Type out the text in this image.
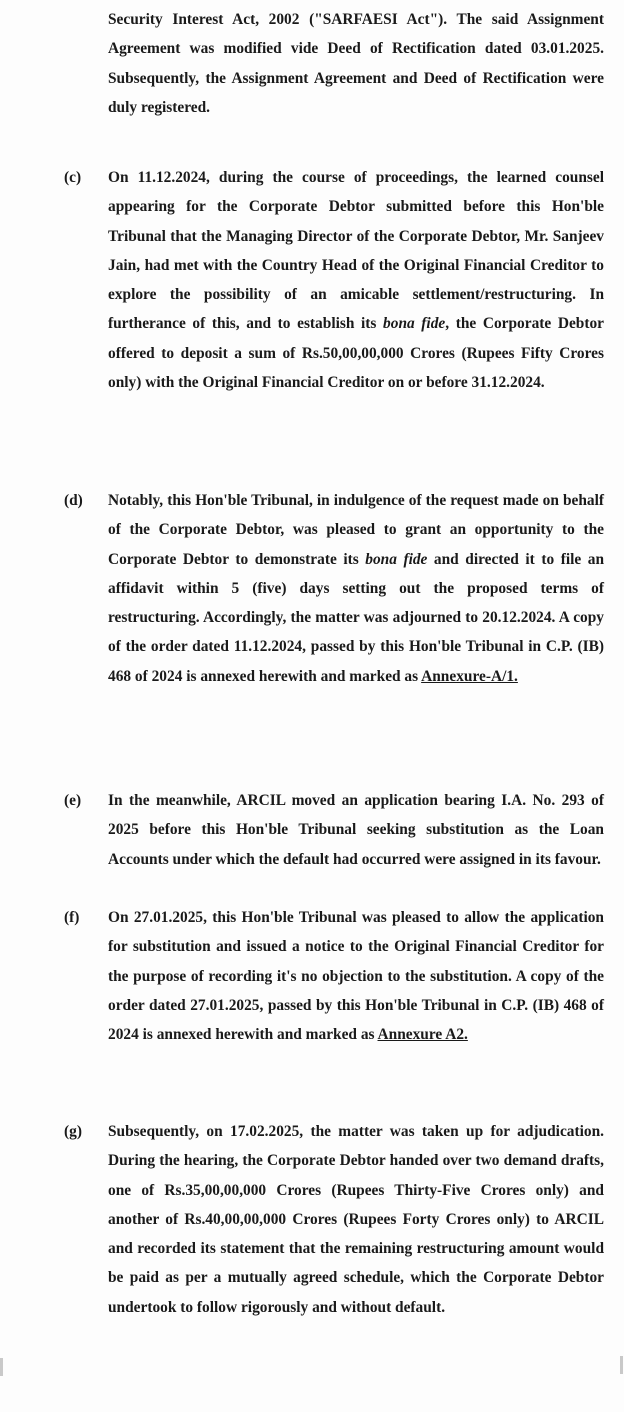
Security Interest Act, 2002 ("SARFAESI Act"). The said Assignment Agreement was modified vide Deed of Rectification dated 03.01.2025. Subsequently, the Assignment Agreement and Deed of Rectification were duly registered.

(c) On 11.12.2024, during the course of proceedings, the learned counsel appearing for the Corporate Debtor submitted before this Hon'ble Tribunal that the Managing Director of the Corporate Debtor, Mr. Sanjeev Jain, had met with the Country Head of the Original Financial Creditor to explore the possibility of an amicable settlement/restructuring. In furtherance of this, and to establish its bona fide, the Corporate Debtor offered to deposit a sum of Rs.50,00,00,000 Crores (Rupees Fifty Crores only) with the Original Financial Creditor on or before 31.12.2024.

(d) Notably, this Hon'ble Tribunal, in indulgence of the request made on behalf of the Corporate Debtor, was pleased to grant an opportunity to the Corporate Debtor to demonstrate its bona fide and directed it to file an affidavit within 5 (five) days setting out the proposed terms of restructuring. Accordingly, the matter was adjourned to 20.12.2024. A copy of the order dated 11.12.2024, passed by this Hon'ble Tribunal in C.P. (IB) 468 of 2024 is annexed herewith and marked as Annexure-A/1.

(e) In the meanwhile, ARCIL moved an application bearing I.A. No. 293 of 2025 before this Hon'ble Tribunal seeking substitution as the Loan Accounts under which the default had occurred were assigned in its favour.

(f) On 27.01.2025, this Hon'ble Tribunal was pleased to allow the application for substitution and issued a notice to the Original Financial Creditor for the purpose of recording it's no objection to the substitution. A copy of the order dated 27.01.2025, passed by this Hon'ble Tribunal in C.P. (IB) 468 of 2024 is annexed herewith and marked as Annexure A2.

(g) Subsequently, on 17.02.2025, the matter was taken up for adjudication. During the hearing, the Corporate Debtor handed over two demand drafts, one of Rs.35,00,00,000 Crores (Rupees Thirty-Five Crores only) and another of Rs.40,00,00,000 Crores (Rupees Forty Crores only) to ARCIL and recorded its statement that the remaining restructuring amount would be paid as per a mutually agreed schedule, which the Corporate Debtor undertook to follow rigorously and without default.
